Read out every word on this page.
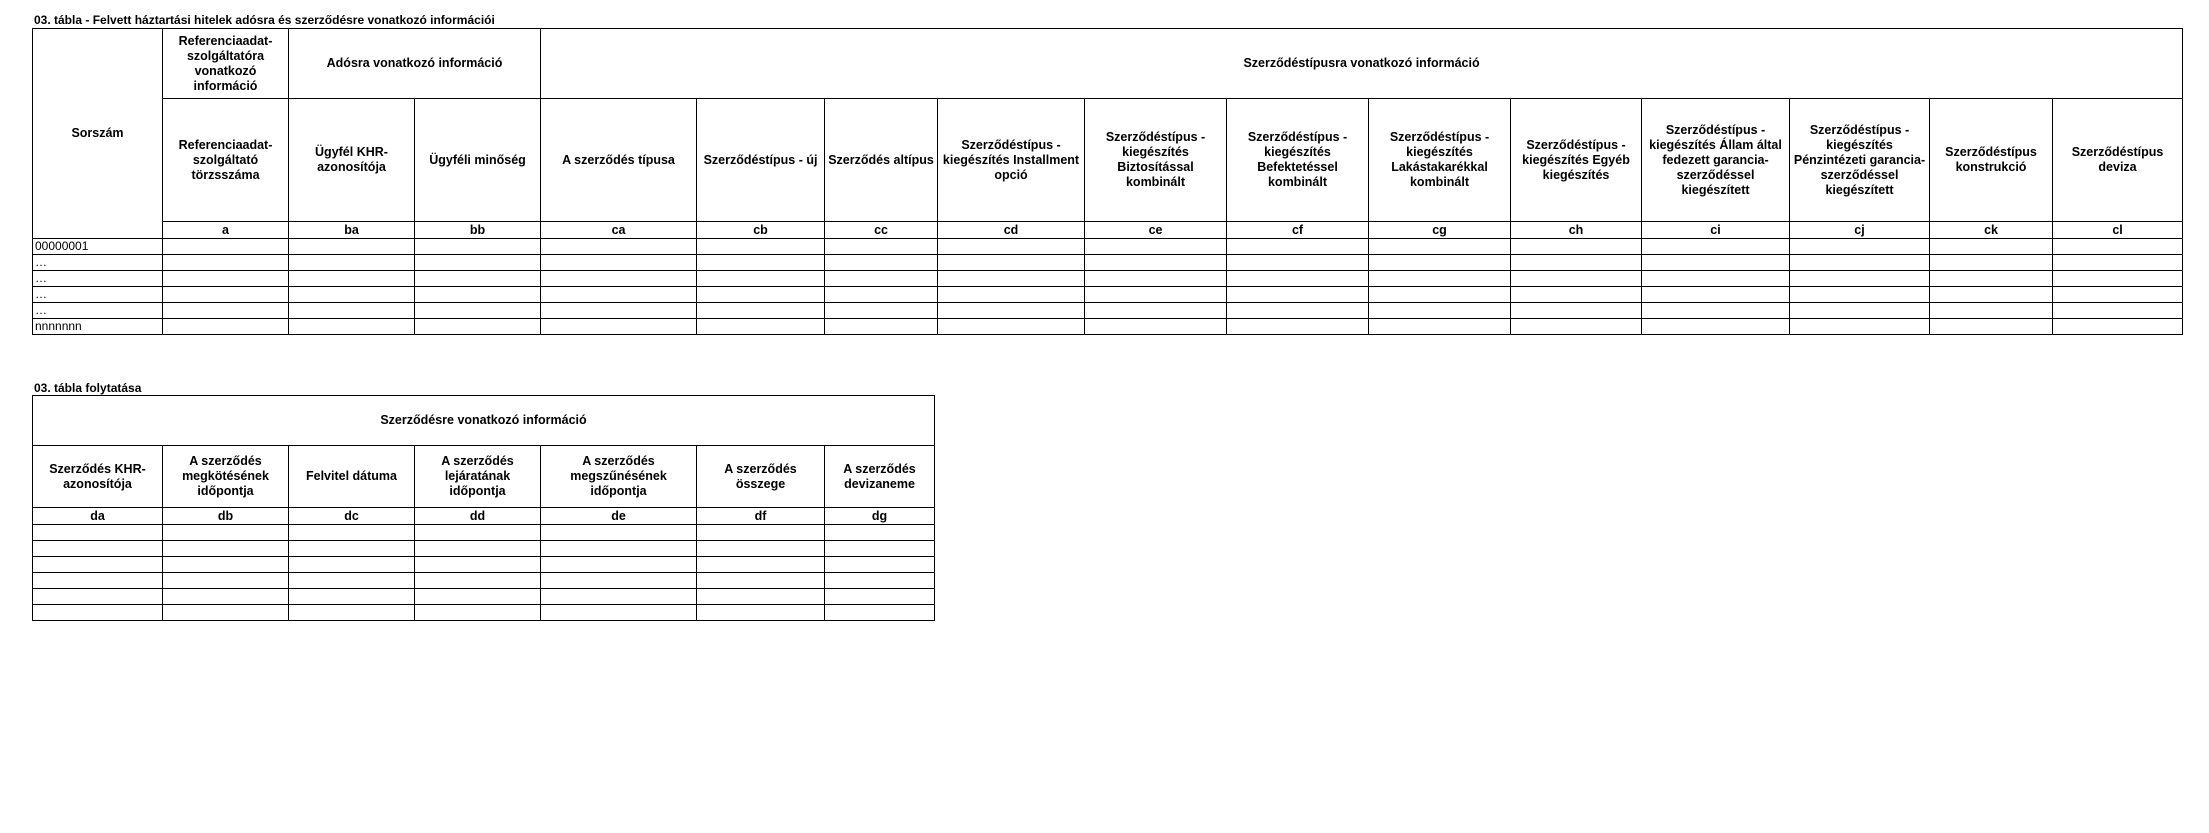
03. tábla - Felvett háztartási hitelek adósra és szerződésre vonatkozó információi
Sorszám	Referenciaadat-szolgáltatóra vonatkozó információ	Adósra vonatkozó információ		Szerződéstípusra vonatkozó információ											
	Referenciaadat-szolgáltató törzsszáma	Ügyfél KHR-azonosítója	Ügyféli minőség	A szerződés típusa	Szerződéstípus - új	Szerződés altípus	Szerződéstípus - kiegészítés Installment opció	Szerződéstípus - kiegészítés Biztosítással kombinált	Szerződéstípus - kiegészítés Befektetéssel kombinált	Szerződéstípus - kiegészítés Lakástakarékkal kombinált	Szerződéstípus - kiegészítés Egyéb kiegészítés	Szerződéstípus - kiegészítés Állam által fedezett garancia-szerződéssel kiegészített	Szerződéstípus - kiegészítés Pénzintézeti garancia-szerződéssel kiegészített	Szerződéstípus konstrukció	Szerződéstípus deviza
	a	ba	bb	ca	cb	cc	cd	ce	cf	cg	ch	ci	cj	ck	cl
00000001															
…															
…															
…															
…															
nnnnnnn															
03. tábla folytatása
Szerződésre vonatkozó információ						
Szerződés KHR-azonosítója	A szerződés megkötésének időpontja	Felvitel dátuma	A szerződés lejáratának időpontja	A szerződés megszűnésének időpontja	A szerződés összege	A szerződés devizaneme
da	db	dc	dd	de	df	dg
